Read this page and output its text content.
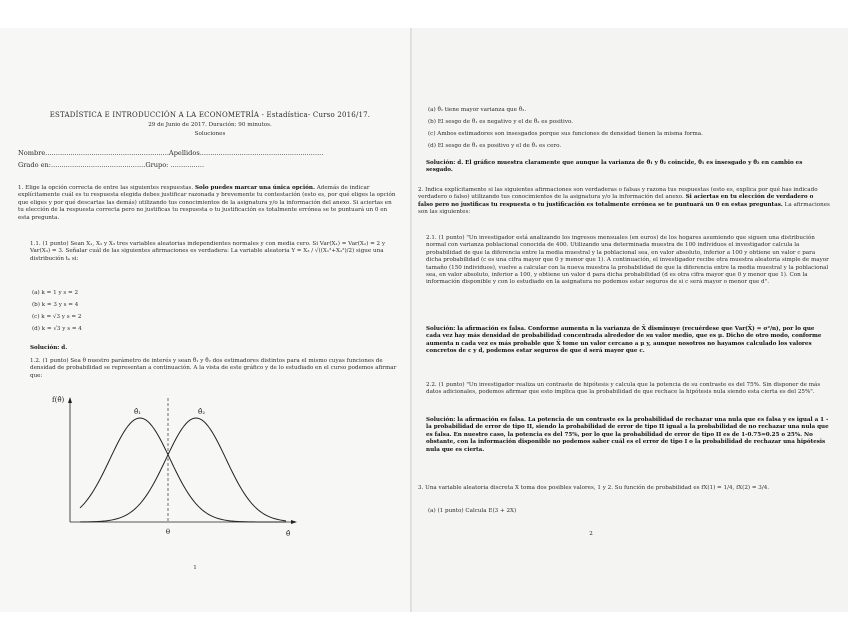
ESTADÍSTICA E INTRODUCCIÓN A LA ECONOMETRÍA - Estadística- Curso 2016/17.
29 de Junio de 2017. Duración: 90 minutos.
Soluciones
Nombre...........................................................Apellidos...........................................................
Grado en:.............................................Grupo: ................
1. Elige la opción correcta de entre las siguientes respuestas. Solo puedes marcar una única opción. Además de indicar explícitamente cuál es tu respuesta elegida debes justificar razonada y brevemente tu contestación (esto es, por qué eliges la opción que eliges y por qué descartas las demás) utilizando tus conocimientos de la asignatura y/o la información del anexo. Si aciertas en tu elección de la respuesta correcta pero no justificas tu respuesta o tu justificación es totalmente errónea se te puntuará un 0 en esta pregunta.
1.1. (1 punto) Sean X₁, X₂ y X₃ tres variables aleatorias independientes normales y con media cero. Si Var(X₁) = Var(X₂) = 2 y Var(X₃) = 3. Señalar cuál de las siguientes afirmaciones es verdadera: La variable aleatoria Y = X₃ / √((X₁²+X₂²)/2) sigue una distribución tₖ si:
(a) k = 1 y s = 2
(b) k = 3 y s = 4
(c) k = √3 y s = 2
(d) k = √3 y s = 4
Solución: d.
1.2. (1 punto) Sea θ nuestro parámetro de interés y sean θ̂₁ y θ̂₂ dos estimadores distintos para el mismo cuyas funciones de densidad de probabilidad se representan a continuación. A la vista de este gráfico y de lo estudiado en el curso podemos afirmar que:
f(θ̂)
θ̂
θ
θ̂₁	θ̂₂
1
(a) θ̂₁ tiene mayor varianza que θ̂₂.
(b) El sesgo de θ̂₁ es negativo y el de θ̂₂ es positivo.
(c) Ambos estimadores son insesgados porque sus funciones de densidad tienen la misma forma.
(d) El sesgo de θ̂₁ es positivo y el de θ̂₁ es cero.
Solución: d. El gráfico muestra claramente que aunque la varianza de θ̂₁ y θ̂₂ coincide, θ̂₁ es insesgado y θ̂₂ en cambio es sesgado.
2. Indica explícitamente si las siguientes afirmaciones son verdaderas o falsas y razona tus respuestas (esto es, explica por qué has indicado verdadero o falso) utilizando tus conocimientos de la asignatura y/o la información del anexo. Si aciertas en tu elección de verdadero o falso pero no justificas tu respuesta o tu justificación es totalmente errónea se te puntuará un 0 en estas preguntas. La afirmaciones son las siguientes:
2.1. (1 punto) "Un investigador está analizando los ingresos mensuales (en euros) de los hogares asumiendo que siguen una distribución normal con varianza poblacional conocida de 400. Utilizando una determinada muestra de 100 individuos el investigador calcula la probabilidad de que la diferencia entre la media muestral y la poblacional sea, en valor absoluto, inferior a 100 y obtiene un valor c para dicha probabilidad (c es una cifra mayor que 0 y menor que 1). A continuación, el investigador recibe otra muestra aleatoria simple de mayor tamaño (150 individuos), vuelve a calcular con la nueva muestra la probabilidad de que la diferencia entre la media muestral y la poblacional sea, en valor absoluto, inferior a 100, y obtiene un valor d para dicha probabilidad (d es otra cifra mayor que 0 y menor que 1). Con la información disponible y con lo estudiado en la asignatura no podemos estar seguros de si c será mayor o menor que d".
Solución: la afirmación es falsa. Conforme aumenta n la varianza de X̄ disminuye (recuérdese que Var(X̄) = σ²/n), por lo que cada vez hay más densidad de probabilidad concentrada alrededor de su valor medio, que es μ. Dicho de otro modo, conforme aumenta n cada vez es más probable que X̄ tome un valor cercano a μ y, aunque nosotros no hayamos calculado los valores concretos de c y d, podemos estar seguros de que d será mayor que c.
2.2. (1 punto) "Un investigador realiza un contraste de hipótesis y calcula que la potencia de su contraste es del 75%. Sin disponer de más datos adicionales, podemos afirmar que esto implica que la probabilidad de que rechace la hipótesis nula siendo esta cierta es del 25%".
Solución: la afirmación es falsa. La potencia de un contraste es la probabilidad de rechazar una nula que es falsa y es igual a 1 - la probabilidad de error de tipo II, siendo la probabilidad de error de tipo II igual a la probabilidad de no rechazar una nula que es falsa. En nuestro caso, la potencia es del 75%, por lo que la probabilidad de error de tipo II es de 1-0.75=0.25 o 25%. No obstante, con la información disponible no podemos saber cuál es el error de tipo I o la probabilidad de rechazar una hipótesis nula que es cierta.
3. Una variable aleatoria discreta X toma dos posibles valores, 1 y 2. Su función de probabilidad es fX(1) = 1/4, fX(2) = 3/4.
(a) (1 punto) Calcula E(3 + 2X)
2
